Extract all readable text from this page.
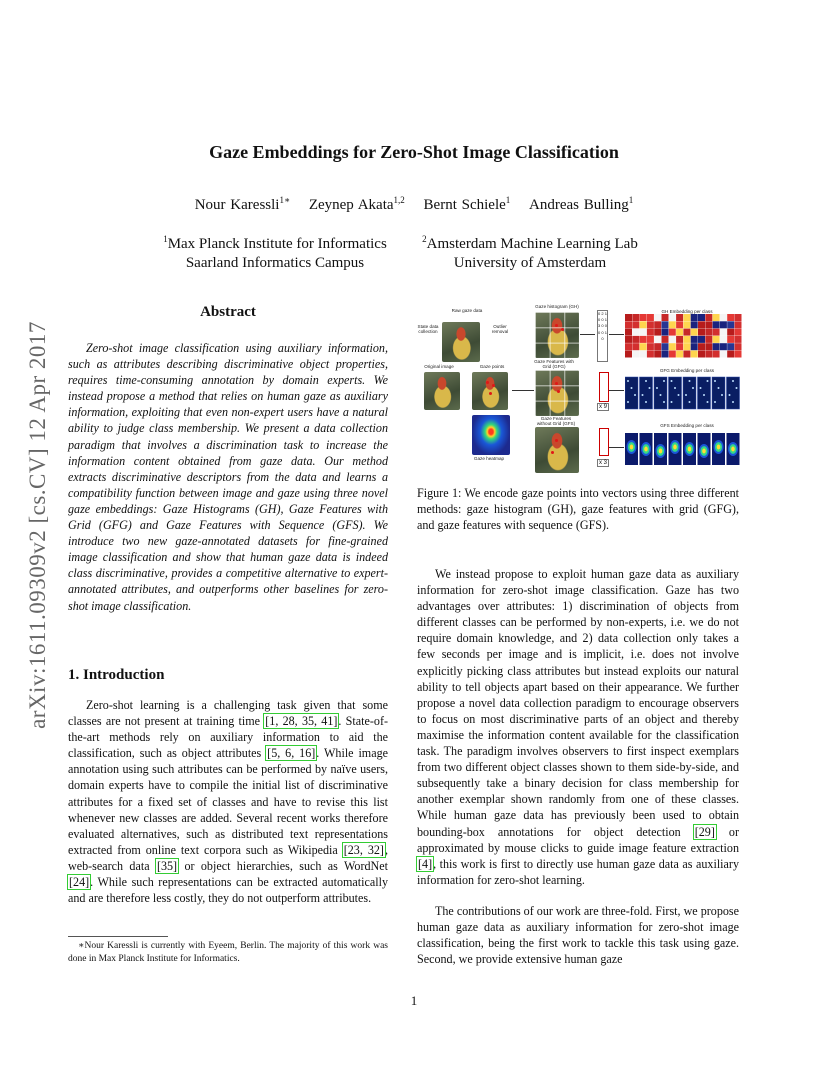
arXiv:1611.09309v2 [cs.CV] 12 Apr 2017
Gaze Embeddings for Zero-Shot Image Classification
Nour Karessli$^{1∗}$ Zeynep Akata$^{1,2}$ Bernt Schiele$^1$ Andreas Bulling$^1$
$^1$Max Planck Institute for Informatics
Saarland Informatics Campus
$^2$Amsterdam Machine Learning Lab
University of Amsterdam
Abstract
Zero-shot image classification using auxiliary information, such as attributes describing discriminative object properties, requires time-consuming annotation by domain experts. We instead propose a method that relies on human gaze as auxiliary information, exploiting that even non-expert users have a natural ability to judge class membership. We present a data collection paradigm that involves a discrimination task to increase the information content obtained from gaze data. Our method extracts discriminative descriptors from the data and learns a compatibility function between image and gaze using three novel gaze embeddings: Gaze Histograms (GH), Gaze Features with Grid (GFG) and Gaze Features with Sequence (GFS). We introduce two new gaze-annotated datasets for fine-grained image classification and show that human gaze data is indeed class discriminative, provides a competitive alternative to expert-annotated attributes, and outperforms other baselines for zero-shot image classification.
1. Introduction
Zero-shot learning is a challenging task given that some classes are not present at training time [1, 28, 35, 41]. State-of-the-art methods rely on auxiliary information to aid the classification, such as object attributes [5, 6, 16]. While image annotation using such attributes can be performed by naïve users, domain experts have to compile the initial list of discriminative attributes for a fixed set of classes and have to revise this list whenever new classes are added. Several recent works therefore evaluated alternatives, such as distributed text representations extracted from online text corpora such as Wikipedia [23, 32], web-search data [35] or object hierarchies, such as WordNet [24]. While such representations can be extracted automatically and are therefore less costly, they do not outperform attributes.
∗Nour Karessli is currently with Eyeem, Berlin. The majority of this work was done in Max Planck Institute for Informatics.
Raw gaze data
State data collection
Outlier removal
Original image	Gaze points
Gaze heatmap
Gaze histogram (GH)
0 2 1 0 0 13 0 0 0 0 1 0
Gaze Features with Grid (GFG)
x 9
Gaze Features without Grid (GFS)
x 3
GH Embedding per class
GFG Embedding per class
GFS Embedding per class
Figure 1: We encode gaze points into vectors using three different methods: gaze histogram (GH), gaze features with grid (GFG), and gaze features with sequence (GFS).
We instead propose to exploit human gaze data as auxiliary information for zero-shot image classification. Gaze has two advantages over attributes: 1) discrimination of objects from different classes can be performed by non-experts, i.e. we do not require domain knowledge, and 2) data collection only takes a few seconds per image and is implicit, i.e. does not involve explicitly picking class attributes but instead exploits our natural ability to tell objects apart based on their appearance. We further propose a novel data collection paradigm to encourage observers to focus on most discriminative parts of an object and thereby maximise the information content available for the classification task. The paradigm involves observers to first inspect exemplars from two different object classes shown to them side-by-side, and subsequently take a binary decision for class membership for another exemplar shown randomly from one of these classes. While human gaze data has previously been used to obtain bounding-box annotations for object detection [29] or approximated by mouse clicks to guide image feature extraction [4], this work is first to directly use human gaze data as auxiliary information for zero-shot learning.
The contributions of our work are three-fold. First, we propose human gaze data as auxiliary information for zero-shot image classification, being the first work to tackle this task using gaze. Second, we provide extensive human gaze
1
